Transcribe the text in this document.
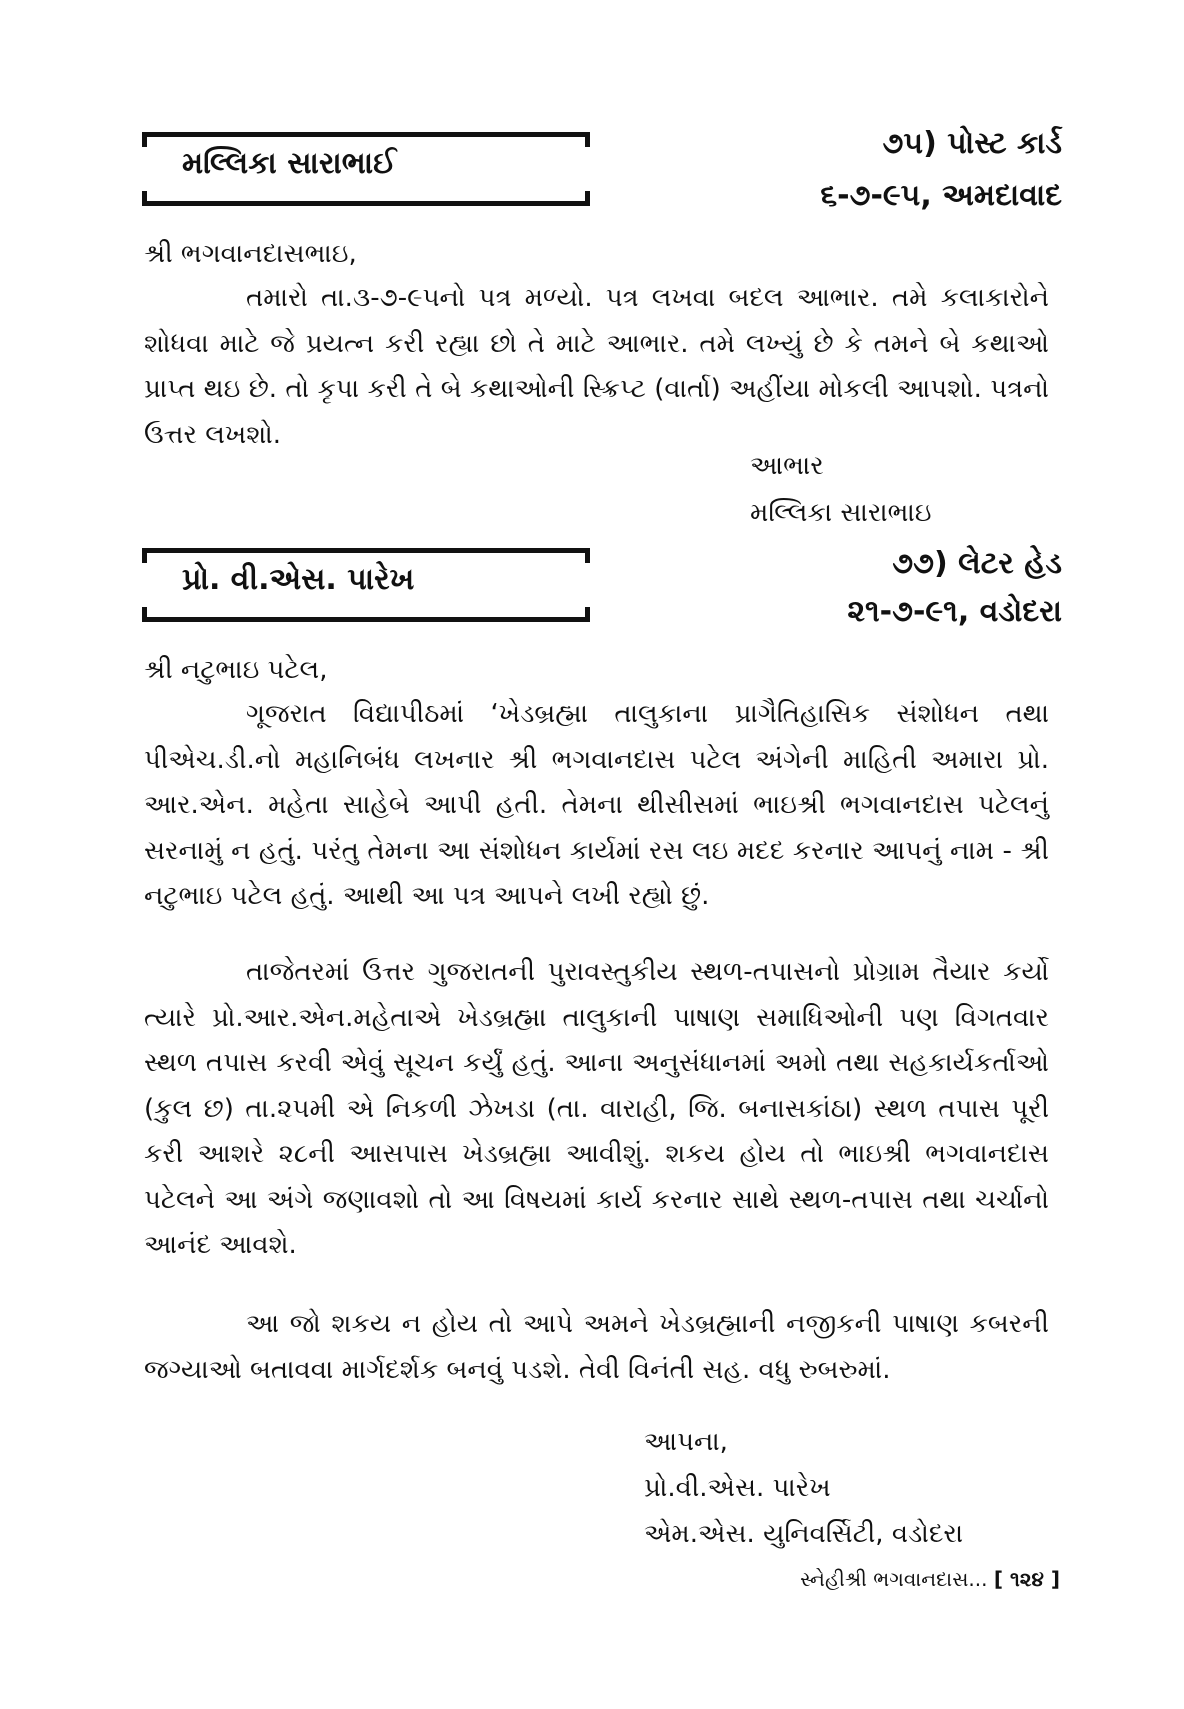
મલ્લિકા સારાભાઈ
૭૫) પોસ્ટ કાર્ડ
૬-૭-૯૫, અમદાવાદ
શ્રી ભગવાનદાસભાઇ,
તમારો તા.૩-૭-૯૫નો પત્ર મળ્યો. પત્ર લખવા બદલ આભાર. તમે કલાકારોને શોધવા માટે જે પ્રયત્ન કરી રહ્યા છો તે માટે આભાર. તમે લખ્યું છે કે તમને બે કથાઓ પ્રાપ્ત થઇ છે. તો કૃપા કરી તે બે કથાઓની સ્ક્રિપ્ટ (વાર્તા) અહીંયા મોકલી આપશો. પત્રનો ઉત્તર લખશો.
આભાર
મલ્લિકા સારાભાઇ
પ્રો. વી.એસ. પારેખ	૭૭) લેટર હેડ
૨૧-૭-૯૧, વડોદરા
શ્રી નટુભાઇ પટેલ,
ગૂજરાત વિદ્યાપીઠમાં ‘ખેડબ્રહ્મા તાલુકાના પ્રાગૈતિહાસિક સંશોધન તથા પીએચ.ડી.નો મહાનિબંધ લખનાર શ્રી ભગવાનદાસ પટેલ અંગેની માહિતી અમારા પ્રો. આર.એન. મહેતા સાહેબે આપી હતી. તેમના થીસીસમાં ભાઇશ્રી ભગવાનદાસ પટેલનું સરનામું ન હતું. પરંતુ તેમના આ સંશોધન કાર્યમાં રસ લઇ મદદ કરનાર આપનું નામ - શ્રી નટુભાઇ પટેલ હતું. આથી આ પત્ર આપને લખી રહ્યો છું.
તાજેતરમાં ઉત્તર ગુજરાતની પુરાવસ્તુકીય સ્થળ-તપાસનો પ્રોગ્રામ તૈયાર કર્યો ત્યારે પ્રો.આર.એન.મહેતાએ ખેડબ્રહ્મા તાલુકાની પાષાણ સમાધિઓની પણ વિગતવાર સ્થળ તપાસ કરવી એવું સૂચન કર્યું હતું. આના અનુસંધાનમાં અમો તથા સહકાર્યકર્તાઓ (કુલ છ) તા.૨૫મી એ નિકળી ઝેખડા (તા. વારાહી, જિ. બનાસકાંઠા) સ્થળ તપાસ પૂરી કરી આશરે ૨૮ની આસપાસ ખેડબ્રહ્મા આવીશું. શકય હોય તો ભાઇશ્રી ભગવાનદાસ પટેલને આ અંગે જણાવશો તો આ વિષયમાં કાર્ય કરનાર સાથે સ્થળ-તપાસ તથા ચર્ચાનો આનંદ આવશે.
આ જો શકય ન હોય તો આપે અમને ખેડબ્રહ્માની નજીકની પાષાણ કબરની જગ્યાઓ બતાવવા માર્ગદર્શક બનવું પડશે. તેવી વિનંતી સહ. વધુ રુબરુમાં.
આપના,
પ્રો.વી.એસ. પારેખ
એમ.એસ. યુનિવર્સિટી, વડોદરા
સ્નેહીશ્રી ભગવાનદાસ... [ ૧૨૪ ]
